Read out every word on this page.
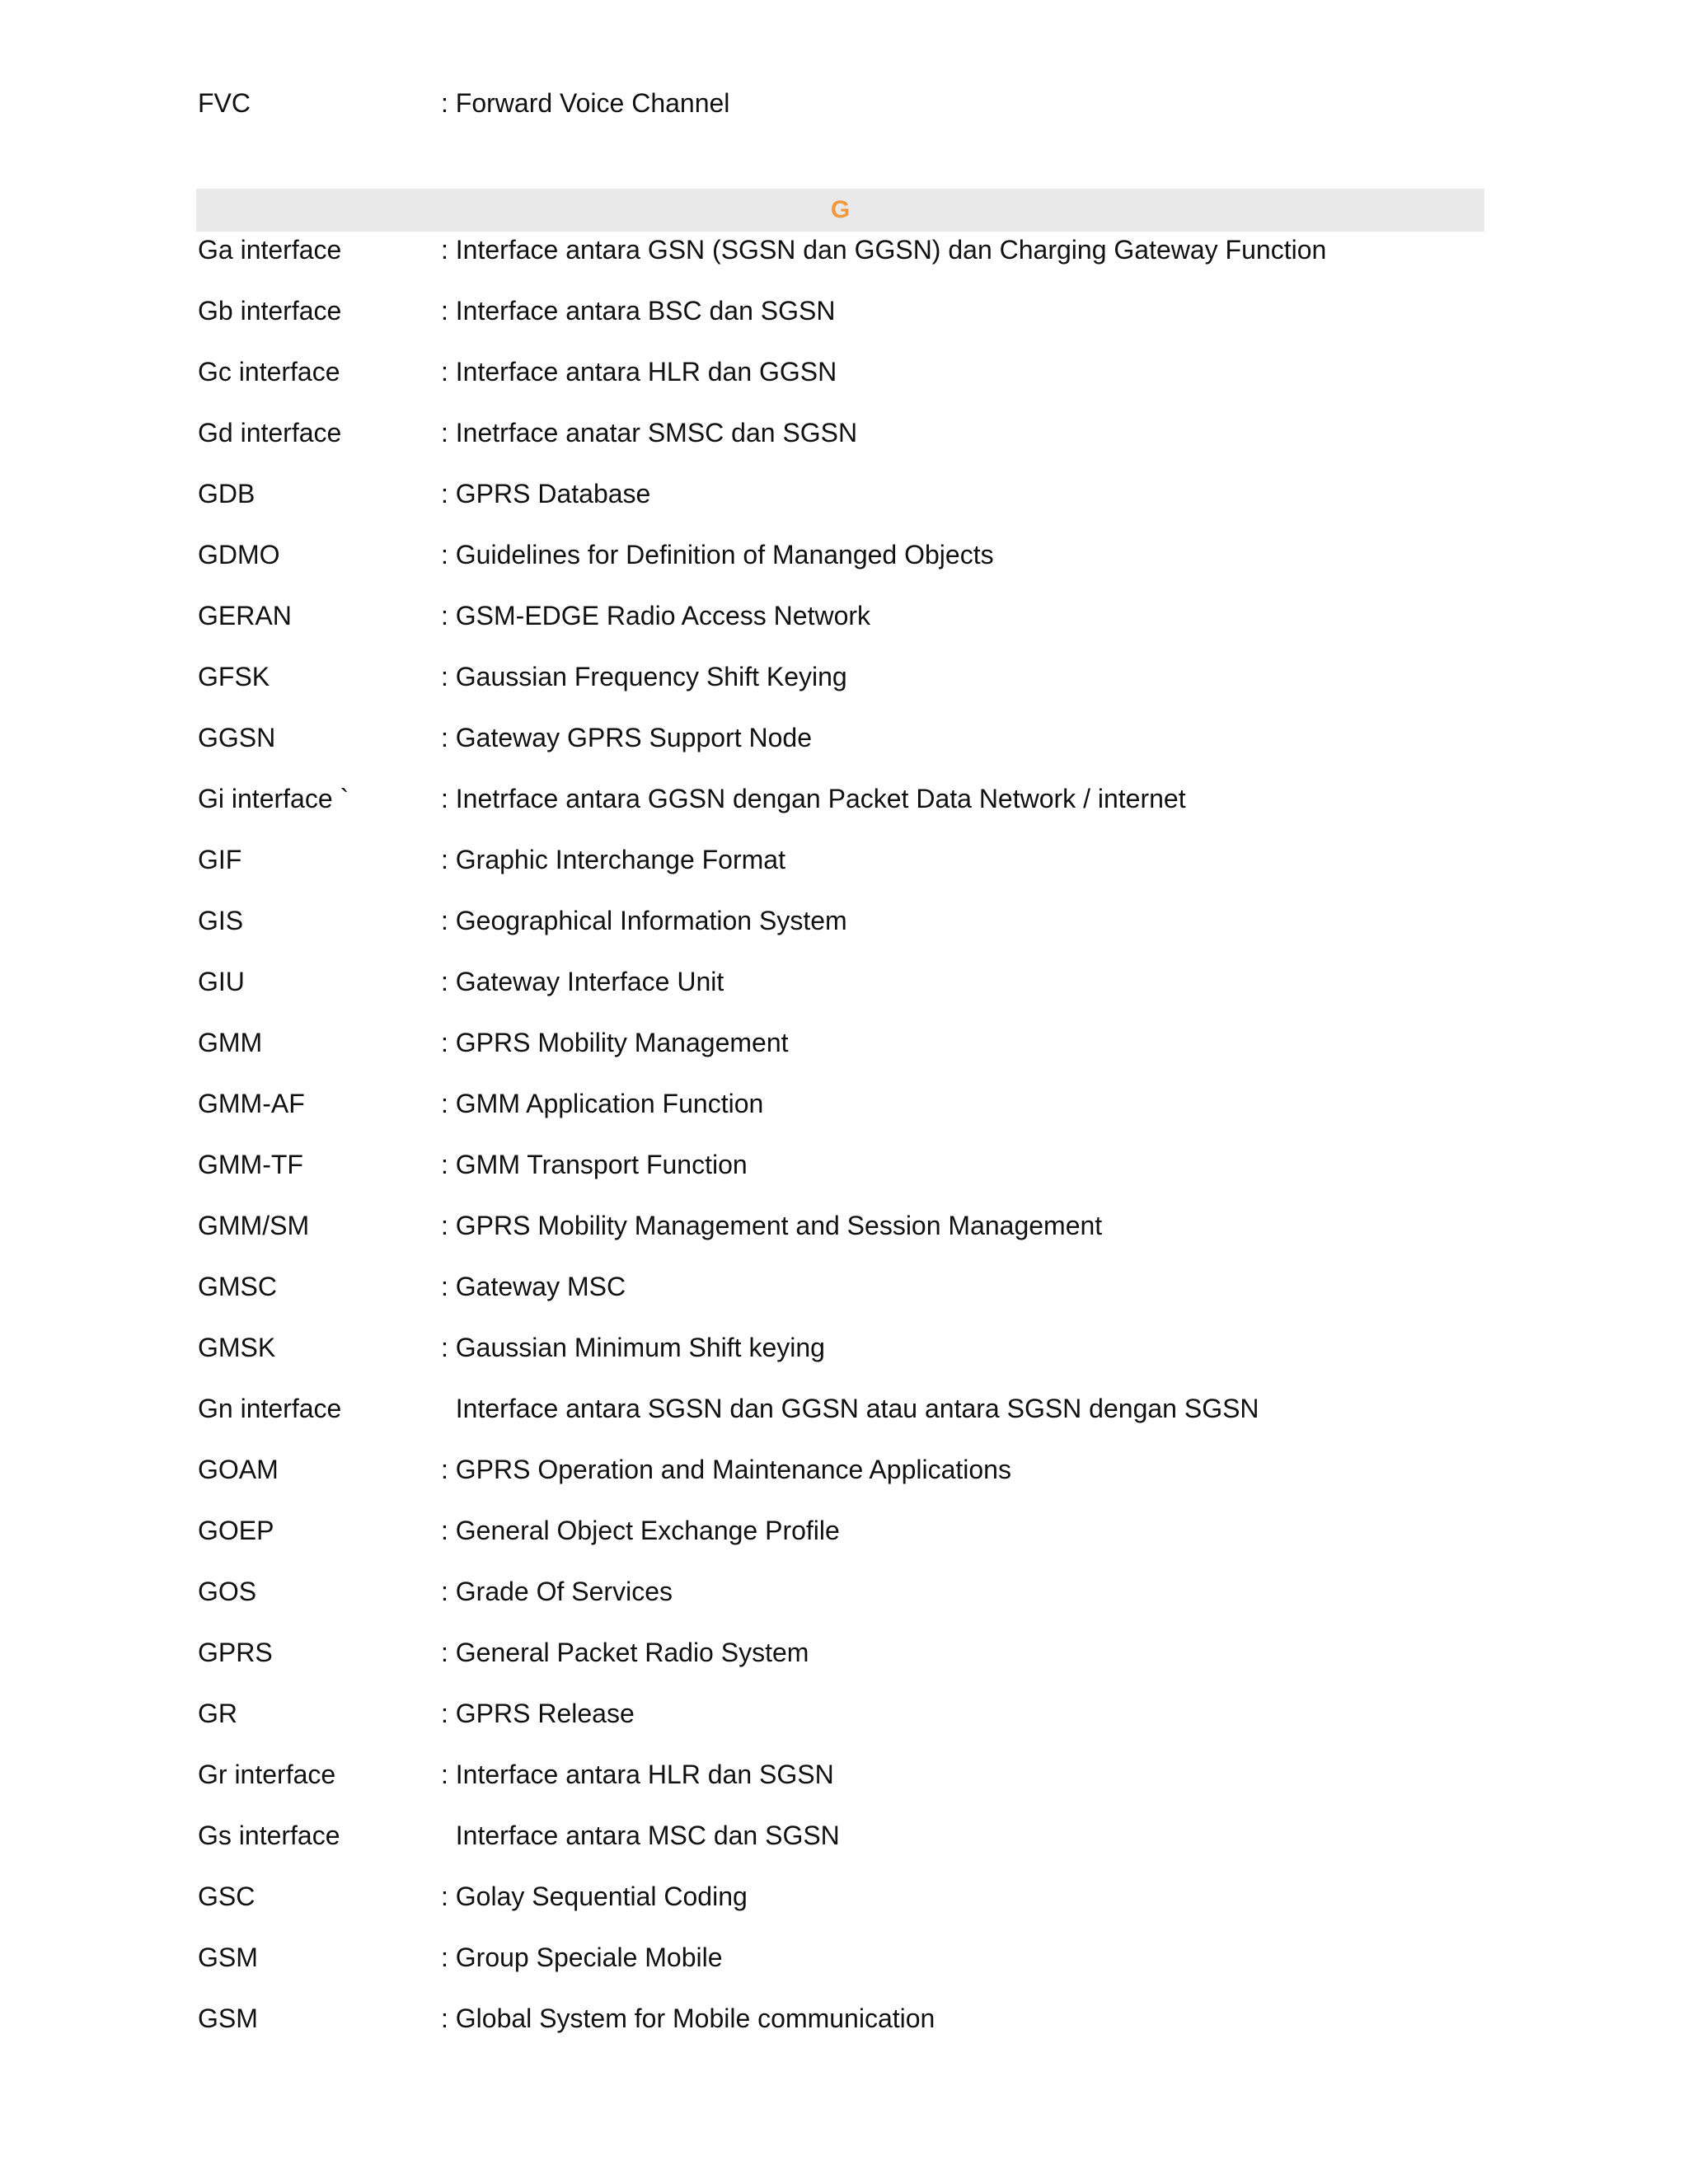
FVC	: Forward Voice Channel
G
Ga interface	: Interface antara GSN (SGSN dan GGSN) dan Charging Gateway Function
Gb interface	: Interface antara BSC dan SGSN
Gc interface	: Interface antara HLR dan GGSN
Gd interface	: Inetrface anatar SMSC dan SGSN
GDB	: GPRS Database
GDMO	: Guidelines for Definition of Mananged Objects
GERAN	: GSM-EDGE Radio Access Network
GFSK	: Gaussian Frequency Shift Keying
GGSN	: Gateway GPRS Support Node
Gi interface `	: Inetrface antara GGSN dengan Packet Data Network / internet
GIF	: Graphic Interchange Format
GIS	: Geographical Information System
GIU	: Gateway Interface Unit
GMM	: GPRS Mobility Management
GMM-AF	: GMM Application Function
GMM-TF	: GMM Transport Function
GMM/SM	: GPRS Mobility Management and Session Management
GMSC	: Gateway MSC
GMSK	: Gaussian Minimum Shift keying
Gn interface	Interface antara SGSN dan GGSN atau antara SGSN dengan SGSN
GOAM	: GPRS Operation and Maintenance Applications
GOEP	: General Object Exchange Profile
GOS	: Grade Of Services
GPRS	: General Packet Radio System
GR	: GPRS Release
Gr interface	: Interface antara HLR dan SGSN
Gs interface	Interface antara MSC dan SGSN
GSC	: Golay Sequential Coding
GSM	: Group Speciale Mobile
GSM	: Global System for Mobile communication
